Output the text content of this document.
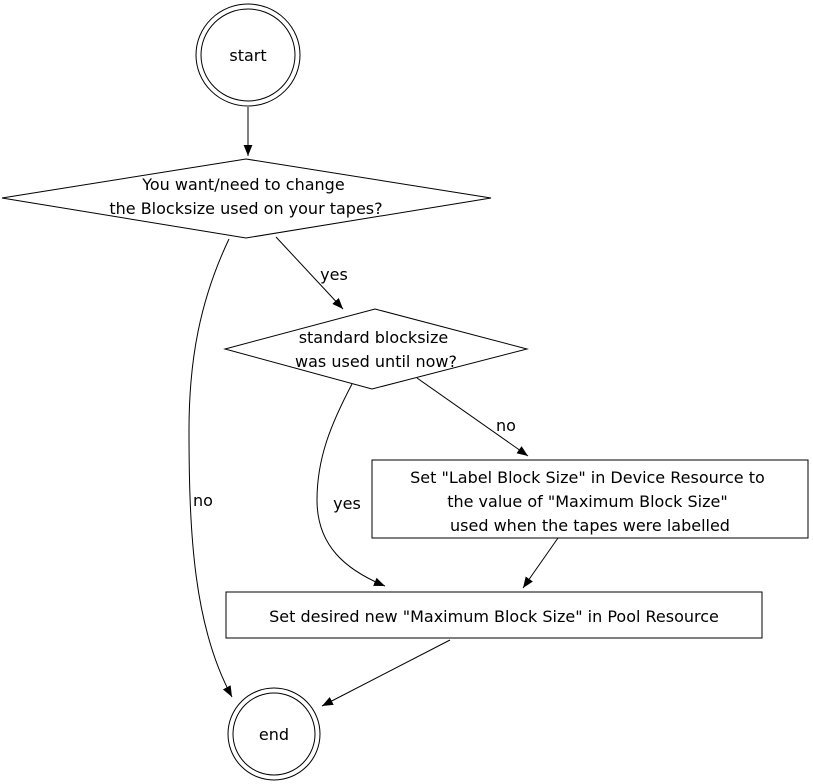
yes
no
no
yes
start
You want/need to change the Blocksize used on your tapes?
standard blocksize was used until now?
Set "Label Block Size" in Device Resource to the value of "Maximum Block Size" used when the tapes were labelled
Set desired new "Maximum Block Size" in Pool Resource
end
